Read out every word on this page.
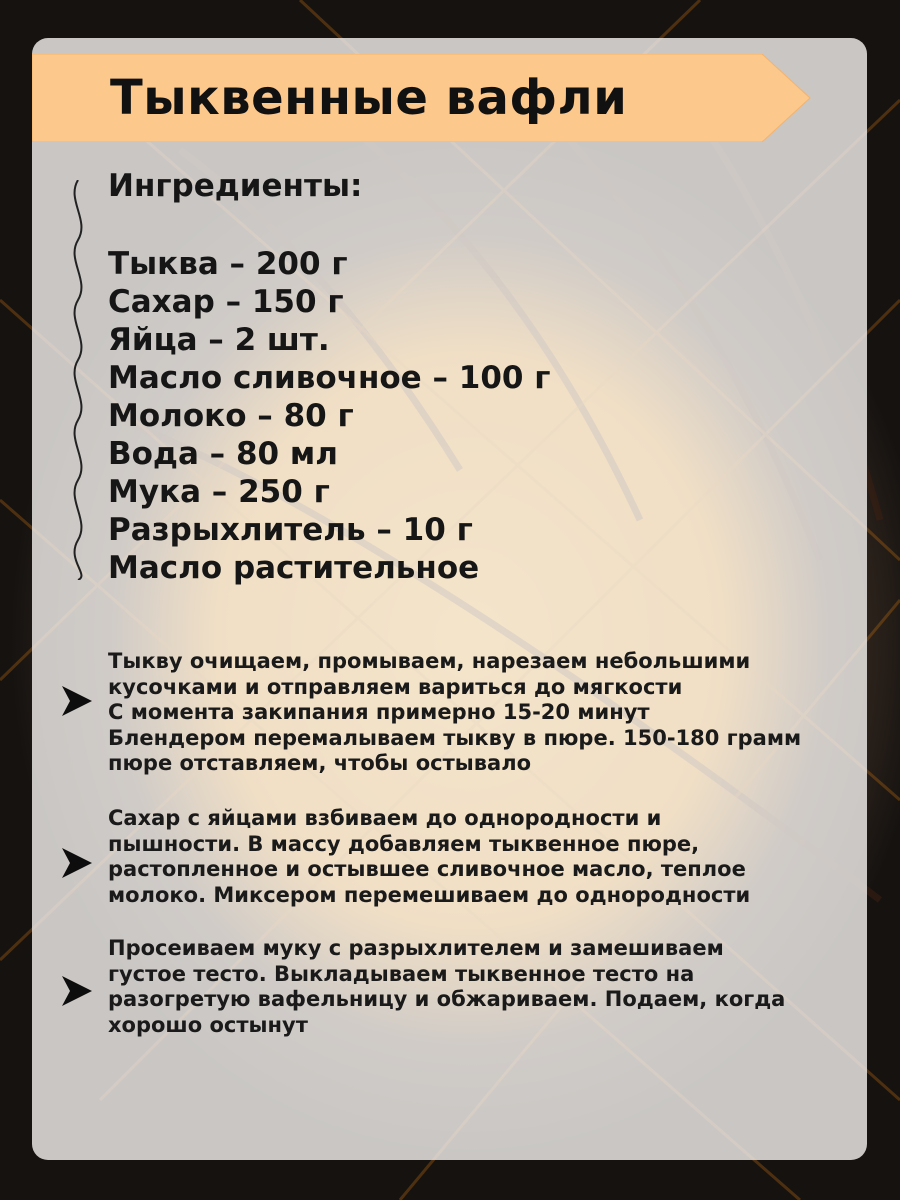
Тыквенные вафли
Ингредиенты:
Тыква – 200 г
Сахар – 150 г
Яйца – 2 шт.
Масло сливочное – 100 г
Молоко – 80 г
Вода – 80 мл
Мука – 250 г
Разрыхлитель – 10 г
Масло растительное

Тыкву очищаем, промываем, нарезаем небольшими

кусочками и отправляем вариться до мягкости

С момента закипания примерно 15-20 минут

Блендером перемалываем тыкву в пюре. 150-180 грамм

пюре отставляем, чтобы остывало

Сахар с яйцами взбиваем до однородности и

пышности. В массу добавляем тыквенное пюре,

растопленное и остывшее сливочное масло, теплое

молоко. Миксером перемешиваем до однородности

Просеиваем муку с разрыхлителем и замешиваем

густое тесто. Выкладываем тыквенное тесто на

разогретую вафельницу и обжариваем. Подаем, когда

хорошо остынут
